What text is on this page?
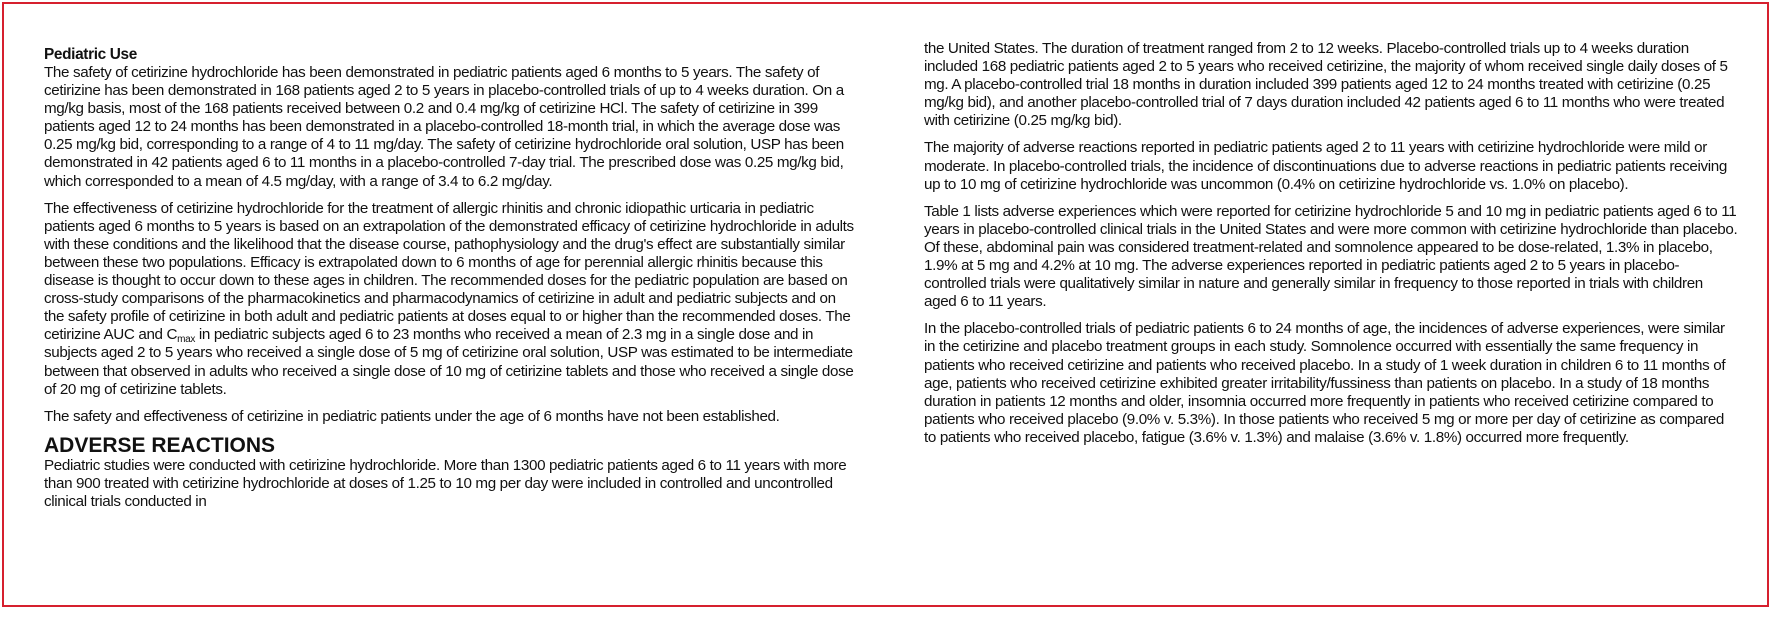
Pediatric Use

The safety of cetirizine hydrochloride has been demonstrated in pediatric patients aged 6 months to 5 years. The safety of cetirizine has been demonstrated in 168 patients aged 2 to 5 years in placebo-controlled trials of up to 4 weeks duration. On a mg/kg basis, most of the 168 patients received between 0.2 and 0.4 mg/kg of cetirizine HCl. The safety of cetirizine in 399 patients aged 12 to 24 months has been demonstrated in a placebo-controlled 18-month trial, in which the average dose was 0.25 mg/kg bid, corresponding to a range of 4 to 11 mg/day. The safety of cetirizine hydrochloride oral solution, USP has been demonstrated in 42 patients aged 6 to 11 months in a placebo-controlled 7-day trial. The prescribed dose was 0.25 mg/kg bid, which corresponded to a mean of 4.5 mg/day, with a range of 3.4 to 6.2 mg/day.

The effectiveness of cetirizine hydrochloride for the treatment of allergic rhinitis and chronic idiopathic urticaria in pediatric patients aged 6 months to 5 years is based on an extrapolation of the demonstrated efficacy of cetirizine hydrochloride in adults with these conditions and the likelihood that the disease course, pathophysiology and the drug's effect are substantially similar between these two populations. Efficacy is extrapolated down to 6 months of age for perennial allergic rhinitis because this disease is thought to occur down to these ages in children. The recommended doses for the pediatric population are based on cross-study comparisons of the pharmacokinetics and pharmacodynamics of cetirizine in adult and pediatric subjects and on the safety profile of cetirizine in both adult and pediatric patients at doses equal to or higher than the recommended doses. The cetirizine AUC and $C_{max}$ in pediatric subjects aged 6 to 23 months who received a mean of 2.3 mg in a single dose and in subjects aged 2 to 5 years who received a single dose of 5 mg of cetirizine oral solution, USP was estimated to be intermediate between that observed in adults who received a single dose of 10 mg of cetirizine tablets and those who received a single dose of 20 mg of cetirizine tablets.

The safety and effectiveness of cetirizine in pediatric patients under the age of 6 months have not been established.

ADVERSE REACTIONS

Pediatric studies were conducted with cetirizine hydrochloride. More than 1300 pediatric patients aged 6 to 11 years with more than 900 treated with cetirizine hydrochloride at doses of 1.25 to 10 mg per day were included in controlled and uncontrolled clinical trials conducted in

the United States. The duration of treatment ranged from 2 to 12 weeks. Placebo-controlled trials up to 4 weeks duration included 168 pediatric patients aged 2 to 5 years who received cetirizine, the majority of whom received single daily doses of 5 mg. A placebo-controlled trial 18 months in duration included 399 patients aged 12 to 24 months treated with cetirizine (0.25 mg/kg bid), and another placebo-controlled trial of 7 days duration included 42 patients aged 6 to 11 months who were treated with cetirizine (0.25 mg/kg bid).

The majority of adverse reactions reported in pediatric patients aged 2 to 11 years with cetirizine hydrochloride were mild or moderate. In placebo-controlled trials, the incidence of discontinuations due to adverse reactions in pediatric patients receiving up to 10 mg of cetirizine hydrochloride was uncommon (0.4% on cetirizine hydrochloride vs. 1.0% on placebo).

Table 1 lists adverse experiences which were reported for cetirizine hydrochloride 5 and 10 mg in pediatric patients aged 6 to 11 years in placebo-controlled clinical trials in the United States and were more common with cetirizine hydrochloride than placebo. Of these, abdominal pain was considered treatment-related and somnolence appeared to be dose-related, 1.3% in placebo, 1.9% at 5 mg and 4.2% at 10 mg. The adverse experiences reported in pediatric patients aged 2 to 5 years in placebo-controlled trials were qualitatively similar in nature and generally similar in frequency to those reported in trials with children aged 6 to 11 years.

In the placebo-controlled trials of pediatric patients 6 to 24 months of age, the incidences of adverse experiences, were similar in the cetirizine and placebo treatment groups in each study. Somnolence occurred with essentially the same frequency in patients who received cetirizine and patients who received placebo. In a study of 1 week duration in children 6 to 11 months of age, patients who received cetirizine exhibited greater irritability/fussiness than patients on placebo. In a study of 18 months duration in patients 12 months and older, insomnia occurred more frequently in patients who received cetirizine compared to patients who received placebo (9.0% v. 5.3%). In those patients who received 5 mg or more per day of cetirizine as compared to patients who received placebo, fatigue (3.6% v. 1.3%) and malaise (3.6% v. 1.8%) occurred more frequently.
